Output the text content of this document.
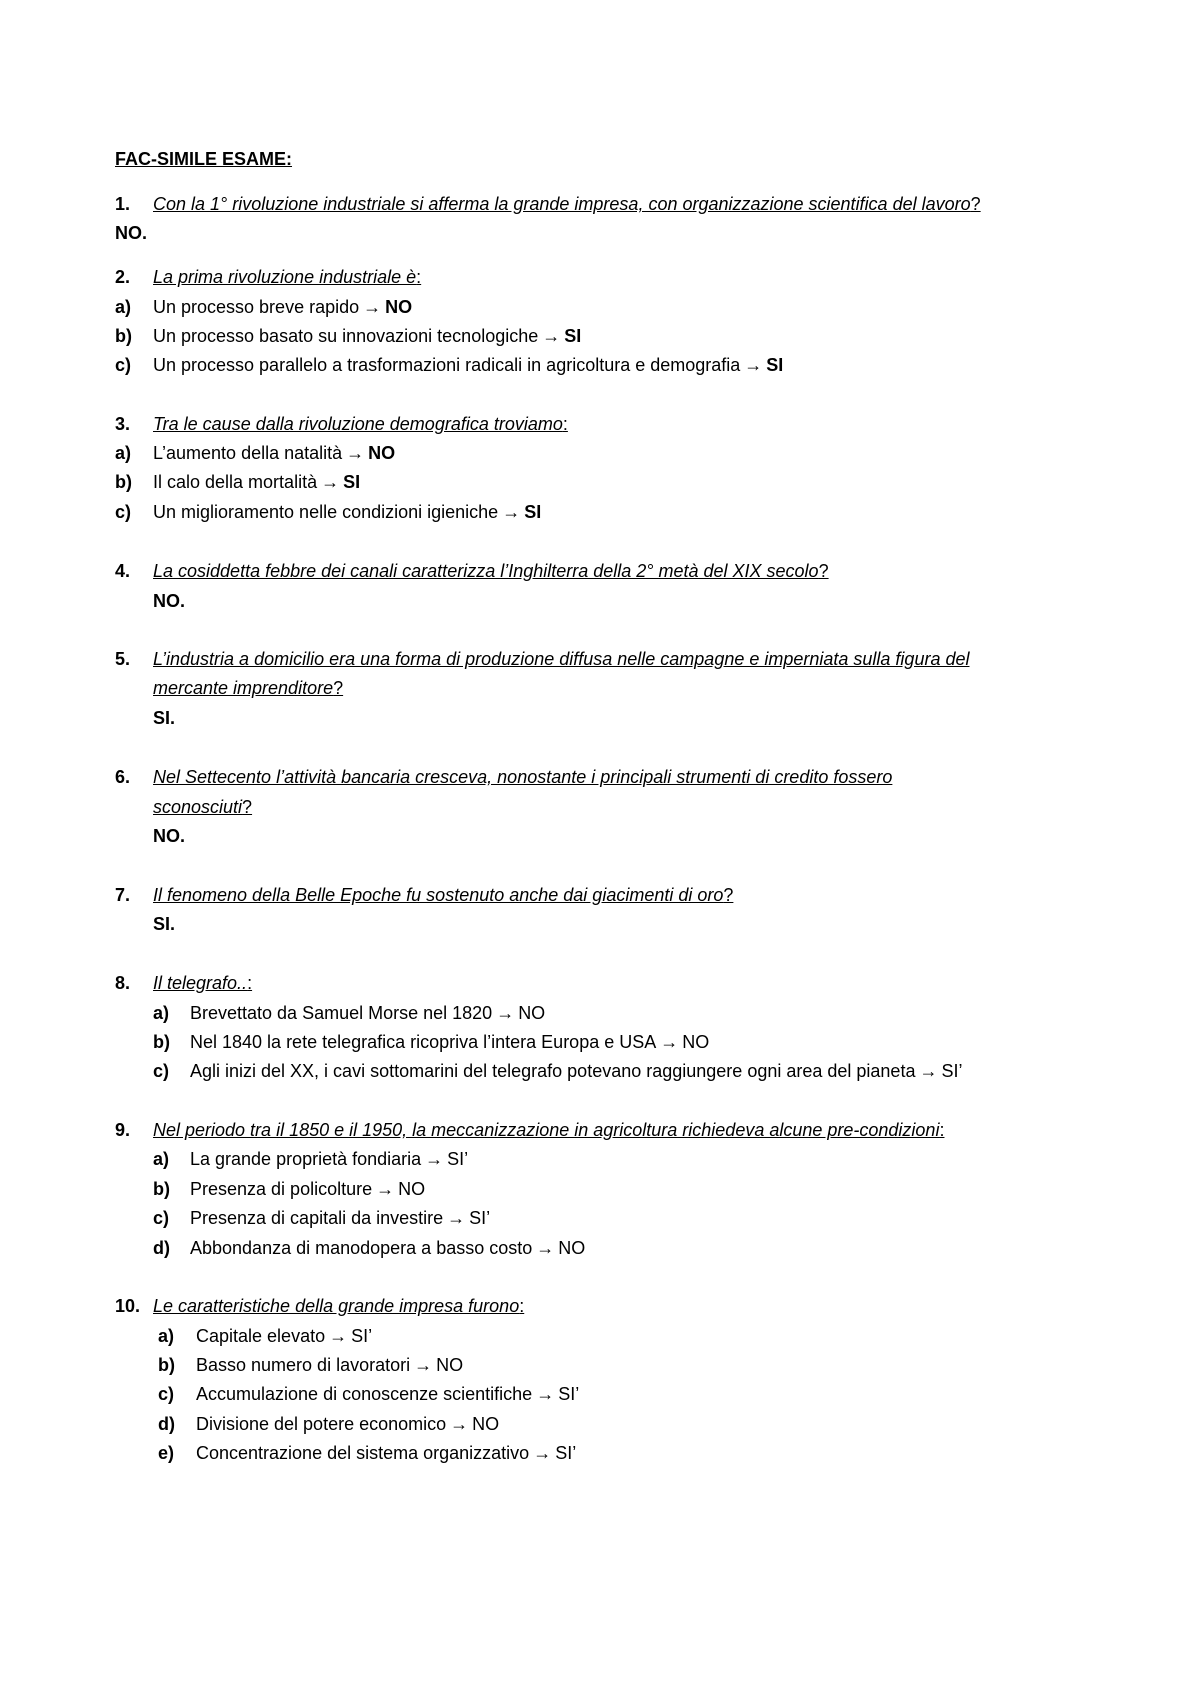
FAC-SIMILE ESAME:
1. Con la 1° rivoluzione industriale si afferma la grande impresa, con organizzazione scientifica del lavoro?
NO.
2. La prima rivoluzione industriale è:
a) Un processo breve rapido → NO
b) Un processo basato su innovazioni tecnologiche → SI
c) Un processo parallelo a trasformazioni radicali in agricoltura e demografia → SI
3. Tra le cause dalla rivoluzione demografica troviamo:
a) L’aumento della natalità → NO
b) Il calo della mortalità → SI
c) Un miglioramento nelle condizioni igieniche → SI
4. La cosiddetta febbre dei canali caratterizza l’Inghilterra della 2° metà del XIX secolo?
NO.
5. L’industria a domicilio era una forma di produzione diffusa nelle campagne e imperniata sulla figura del
mercante imprenditore?
SI.
6. Nel Settecento l’attività bancaria cresceva, nonostante i principali strumenti di credito fossero
sconosciuti?
NO.
7. Il fenomeno della Belle Epoche fu sostenuto anche dai giacimenti di oro?
SI.
8. Il telegrafo..:
a) Brevettato da Samuel Morse nel 1820 → NO
b) Nel 1840 la rete telegrafica ricopriva l’intera Europa e USA → NO
c) Agli inizi del XX, i cavi sottomarini del telegrafo potevano raggiungere ogni area del pianeta → SI’
9. Nel periodo tra il 1850 e il 1950, la meccanizzazione in agricoltura richiedeva alcune pre-condizioni:
a) La grande proprietà fondiaria → SI’
b) Presenza di policolture → NO
c) Presenza di capitali da investire → SI’
d) Abbondanza di manodopera a basso costo → NO
10. Le caratteristiche della grande impresa furono:
a) Capitale elevato → SI’
b) Basso numero di lavoratori → NO
c) Accumulazione di conoscenze scientifiche → SI’
d) Divisione del potere economico → NO
e) Concentrazione del sistema organizzativo → SI’
